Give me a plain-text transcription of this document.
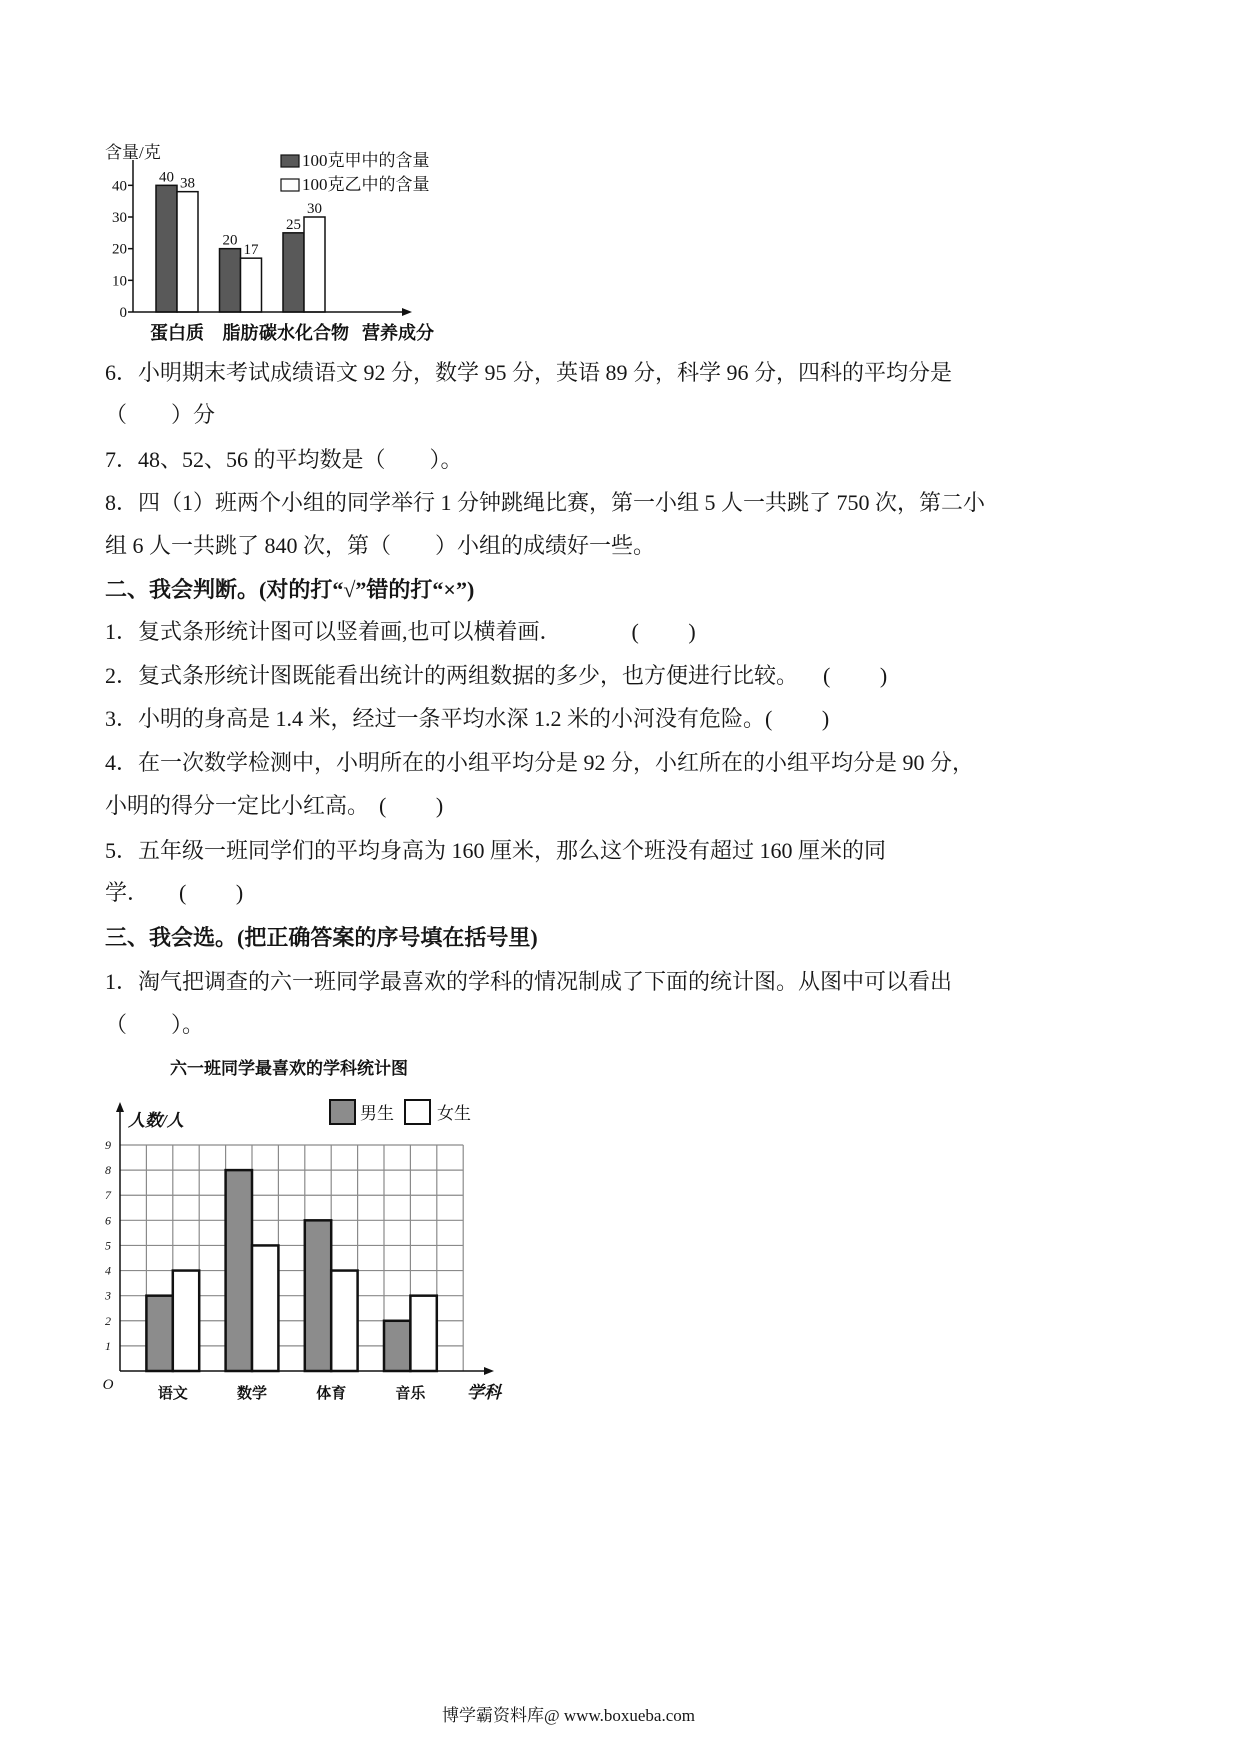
含量/克	100克甲中的含量
100克乙中的含量
40 38
蛋白质
20
17
脂肪
25
30
碳水化合物
0
10
20
30
40
营养成分
6．小明期末考试成绩语文 92 分，数学 95 分，英语 89 分，科学 96 分，四科的平均分是
（        ）分
7．48、52、56 的平均数是（        ）。
8．四（1）班两个小组的同学举行 1 分钟跳绳比赛，第一小组 5 人一共跳了 750 次，第二小
组 6 人一共跳了 840 次，第（        ）小组的成绩好一些。
二、我会判断。(对的打“√”错的打“×”)
1．复式条形统计图可以竖着画,也可以横着画．	(         )
2．复式条形统计图既能看出统计的两组数据的多少，也方便进行比较。 (         )
3．小明的身高是 1.4 米，经过一条平均水深 1.2 米的小河没有危险。(         )
4．在一次数学检测中，小明所在的小组平均分是 92 分，小红所在的小组平均分是 90 分，
小明的得分一定比小红高。 (         )
5．五年级一班同学们的平均身高为 160 厘米，那么这个班没有超过 160 厘米的同
学． (         )
三、我会选。(把正确答案的序号填在括号里)
1．淘气把调查的六一班同学最喜欢的学科的情况制成了下面的统计图。从图中可以看出
（        ）。
六一班同学最喜欢的学科统计图
男生	女生
语文	数学	体育	音乐
1
2
3
4
5
6
7
8
9
人数/人
O	学科
博学霸资料库@ www.boxueba.com
